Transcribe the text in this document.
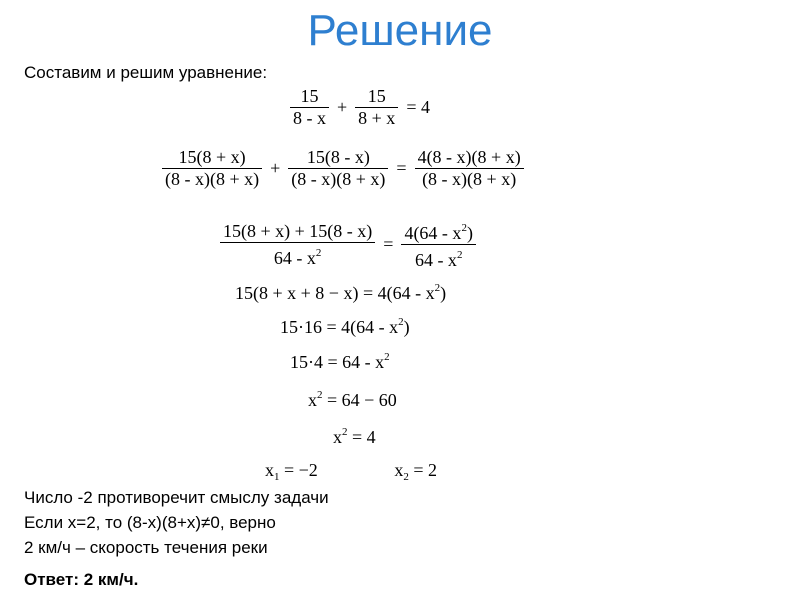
Решение
Составим и решим уравнение:
$\frac{15}{8 - x} + \frac{15}{8 + x} = 4$
$\frac{15(8 + x)}{(8 - x)(8 + x)} + \frac{15(8 - x)}{(8 - x)(8 + x)} = \frac{4(8 - x)(8 + x)}{(8 - x)(8 + x)}$
$\frac{15(8 + x) + 15(8 - x)}{64 - x^2} = \frac{4(64 - x^2)}{64 - x^2}$
$15(8 + x + 8 - x) = 4(64 - x^2)$
$15\cdot 16 = 4(64 - x^2)$
$15\cdot 4 = 64 - x^2$
$x^2 = 64 - 60$
$x^2 = 4$
$x_1 = -2$	$x_2 = 2$
Число -2 противоречит смыслу задачи
Если x=2, то (8-x)(8+x)≠0, верно
2 км/ч – скорость течения реки
Ответ: 2 км/ч.
